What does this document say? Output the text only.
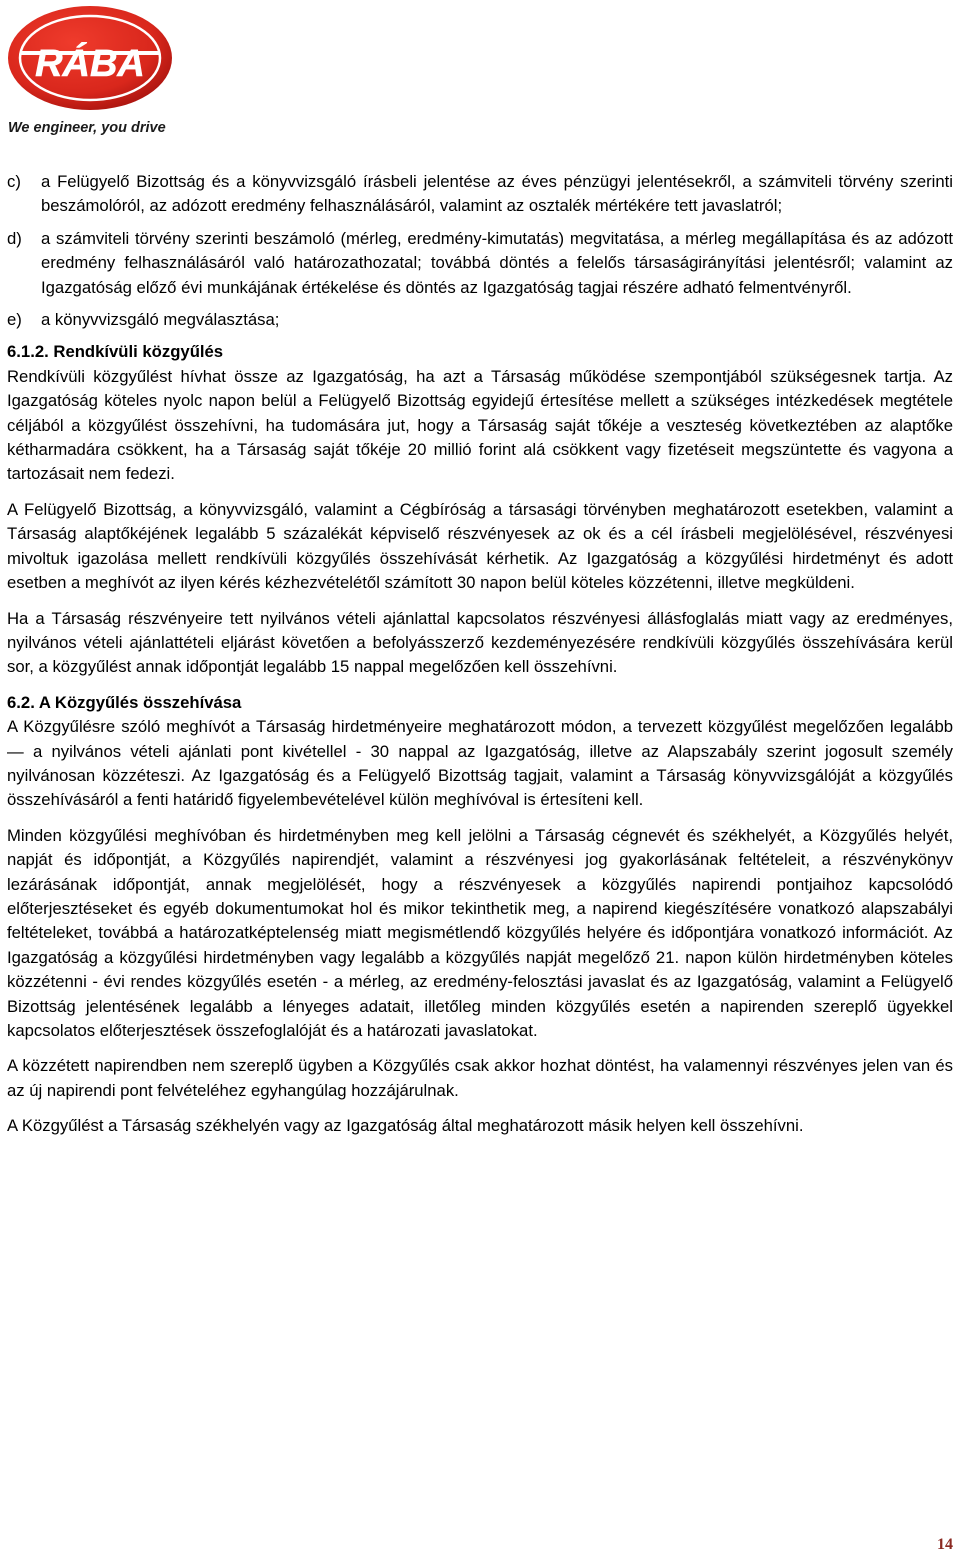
RÁBA
We engineer, you drive
c)	a Felügyelő Bizottság és a könyvvizsgáló írásbeli jelentése az éves pénzügyi jelentésekről, a számviteli törvény szerinti beszámolóról, az adózott eredmény felhasználásáról, valamint az osztalék mértékére tett javaslatról;
d)	a számviteli törvény szerinti beszámoló (mérleg, eredmény-kimutatás) megvitatása, a mérleg megállapítása és az adózott eredmény felhasználásáról való határozathozatal; továbbá döntés a felelős társaságirányítási jelentésről; valamint az Igazgatóság előző évi munkájának értékelése és döntés az Igazgatóság tagjai részére adható felmentvényről.
e)	a könyvvizsgáló megválasztása;

6.1.2. Rendkívüli közgyűlés

Rendkívüli közgyűlést hívhat össze az Igazgatóság, ha azt a Társaság működése szempontjából szükségesnek tartja. Az Igazgatóság köteles nyolc napon belül a Felügyelő Bizottság egyidejű értesítése mellett a szükséges intézkedések megtétele céljából a közgyűlést összehívni, ha tudomására jut, hogy a Társaság saját tőkéje a veszteség következtében az alaptőke kétharmadára csökkent, ha a Társaság saját tőkéje 20 millió forint alá csökkent vagy fizetéseit megszüntette és vagyona a tartozásait nem fedezi.

A Felügyelő Bizottság, a könyvvizsgáló, valamint a Cégbíróság a társasági törvényben meghatározott esetekben, valamint a Társaság alaptőkéjének legalább 5 százalékát képviselő részvényesek az ok és a cél írásbeli megjelölésével, részvényesi mivoltuk igazolása mellett rendkívüli közgyűlés összehívását kérhetik. Az Igazgatóság a közgyűlési hirdetményt és adott esetben a meghívót az ilyen kérés kézhezvételétől számított 30 napon belül köteles közzétenni, illetve megküldeni.

Ha a Társaság részvényeire tett nyilvános vételi ajánlattal kapcsolatos részvényesi állásfoglalás miatt vagy az eredményes, nyilvános vételi ajánlattételi eljárást követően a befolyásszerző kezdeményezésére rendkívüli közgyűlés összehívására kerül sor, a közgyűlést annak időpontját legalább 15 nappal megelőzően kell összehívni.

6.2. A Közgyűlés összehívása

A Közgyűlésre szóló meghívót a Társaság hirdetményeire meghatározott módon, a tervezett közgyűlést megelőzően legalább — a nyilvános vételi ajánlati pont kivétellel - 30 nappal az Igazgatóság, illetve az Alapszabály szerint jogosult személy nyilvánosan közzéteszi. Az Igazgatóság és a Felügyelő Bizottság tagjait, valamint a Társaság könyvvizsgálóját a közgyűlés összehívásáról a fenti határidő figyelembevételével külön meghívóval is értesíteni kell.

Minden közgyűlési meghívóban és hirdetményben meg kell jelölni a Társaság cégnevét és székhelyét, a Közgyűlés helyét, napját és időpontját, a Közgyűlés napirendjét, valamint a részvényesi jog gyakorlásának feltételeit, a részvénykönyv lezárásának időpontját, annak megjelölését, hogy a részvényesek a közgyűlés napirendi pontjaihoz kapcsolódó előterjesztéseket és egyéb dokumentumokat hol és mikor tekinthetik meg, a napirend kiegészítésére vonatkozó alapszabályi feltételeket, továbbá a határozatképtelenség miatt megismétlendő közgyűlés helyére és időpontjára vonatkozó információt. Az Igazgatóság a közgyűlési hirdetményben vagy legalább a közgyűlés napját megelőző 21. napon külön hirdetményben köteles közzétenni - évi rendes közgyűlés esetén - a mérleg, az eredmény-felosztási javaslat és az Igazgatóság, valamint a Felügyelő Bizottság jelentésének legalább a lényeges adatait, illetőleg minden közgyűlés esetén a napirenden szereplő ügyekkel kapcsolatos előterjesztések összefoglalóját és a határozati javaslatokat.

A közzétett napirendben nem szereplő ügyben a Közgyűlés csak akkor hozhat döntést, ha valamennyi részvényes jelen van és az új napirendi pont felvételéhez egyhangúlag hozzájárulnak.

A Közgyűlést a Társaság székhelyén vagy az Igazgatóság által meghatározott másik helyen kell összehívni.

14
